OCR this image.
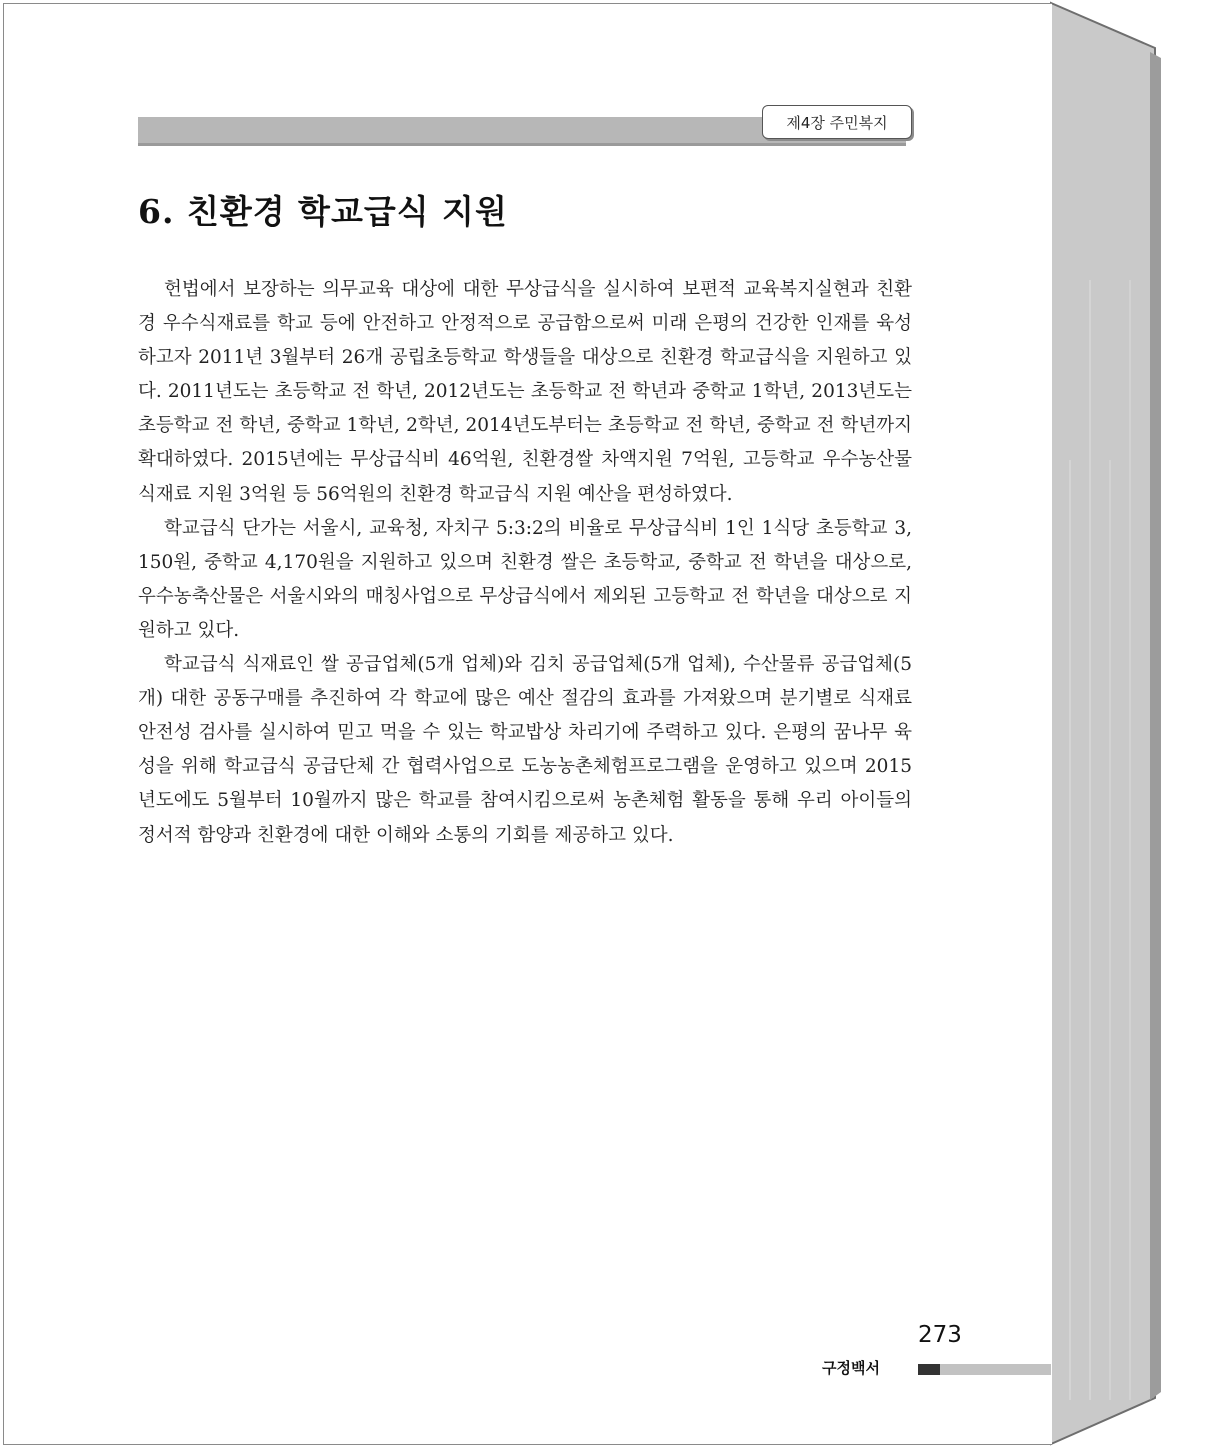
제4장 주민복지
6. 친환경 학교급식 지원

헌법에서 보장하는 의무교육 대상에 대한 무상급식을 실시하여 보편적 교육복지실현과 친환경 우수식재료를 학교 등에 안전하고 안정적으로 공급함으로써 미래 은평의 건강한 인재를 육성하고자 2011년 3월부터 26개 공립초등학교 학생들을 대상으로 친환경 학교급식을 지원하고 있다. 2011년도는 초등학교 전 학년, 2012년도는 초등학교 전 학년과 중학교 1학년, 2013년도는 초등학교 전 학년, 중학교 1학년, 2학년, 2014년도부터는 초등학교 전 학년, 중학교 전 학년까지 확대하였다. 2015년에는 무상급식비 46억원, 친환경쌀 차액지원 7억원, 고등학교 우수농산물 식재료 지원 3억원 등 56억원의 친환경 학교급식 지원 예산을 편성하였다.

학교급식 단가는 서울시, 교육청, 자치구 5:3:2의 비율로 무상급식비 1인 1식당 초등학교 3,150원, 중학교 4,170원을 지원하고 있으며 친환경 쌀은 초등학교, 중학교 전 학년을 대상으로, 우수농축산물은 서울시와의 매칭사업으로 무상급식에서 제외된 고등학교 전 학년을 대상으로 지원하고 있다.

학교급식 식재료인 쌀 공급업체(5개 업체)와 김치 공급업체(5개 업체), 수산물류 공급업체(5개) 대한 공동구매를 추진하여 각 학교에 많은 예산 절감의 효과를 가져왔으며 분기별로 식재료 안전성 검사를 실시하여 믿고 먹을 수 있는 학교밥상 차리기에 주력하고 있다. 은평의 꿈나무 육성을 위해 학교급식 공급단체 간 협력사업으로 도농농촌체험프로그램을 운영하고 있으며 2015년도에도 5월부터 10월까지 많은 학교를 참여시킴으로써 농촌체험 활동을 통해 우리 아이들의 정서적 함양과 친환경에 대한 이해와 소통의 기회를 제공하고 있다.

273
구정백서
